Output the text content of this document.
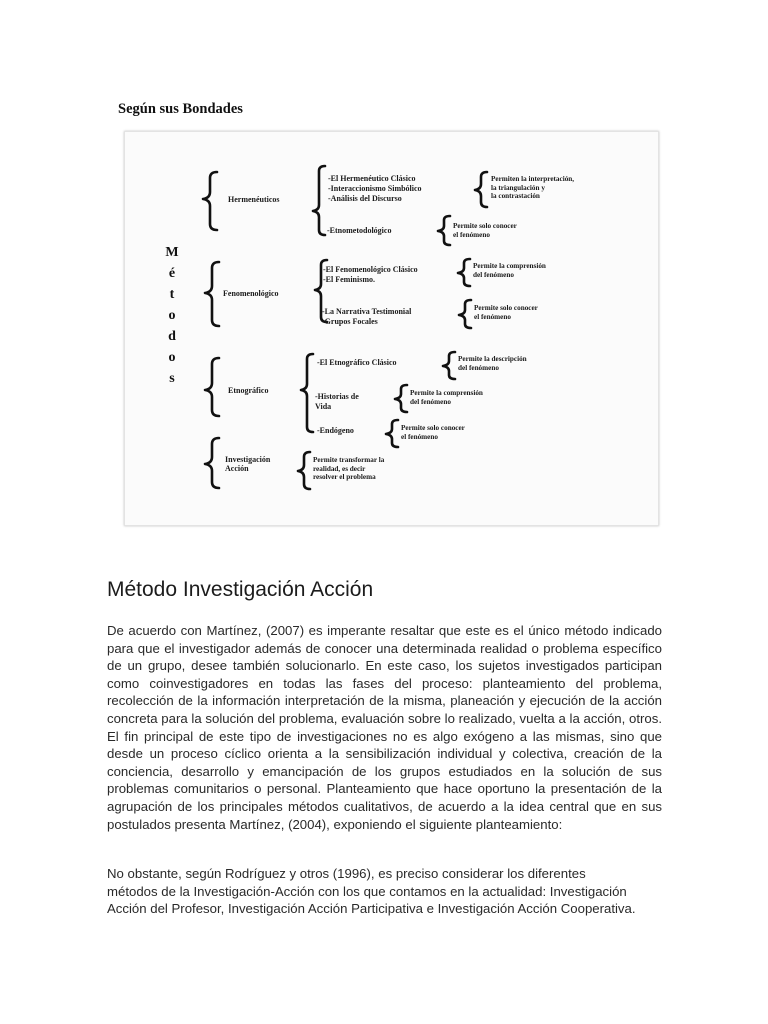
Según sus Bondades
M
é
t
o
d
o
s
Hermenéuticos
Fenomenológico
Etnográfico
Investigación
Acción
-El Hermenéutico Clásico
-Interaccionismo Simbólico
-Análisis del Discurso
-Etnometodológico
-El Fenomenológico Clásico
-El Feminismo.
-La Narrativa Testimonial
-Grupos Focales
-El Etnográfico Clásico
-Historias de
Vida
-Endógeno
Permiten la interpretación,
la triangulación y
la contrastación
Permite solo conocer
el fenómeno
Permite la comprensión
del fenómeno
Permite solo conocer
el fenómeno
Permite la descripción
del fenómeno
Permite la comprensión
del fenómeno
Permite solo conocer
el fenómeno
Permite transformar la
realidad, es decir
resolver el problema
Método Investigación Acción

De acuerdo con Martínez, (2007) es imperante resaltar que este es el único método indicado para que el investigador además de conocer una determinada realidad o problema específico de un grupo, desee también solucionarlo. En este caso, los sujetos investigados participan como coinvestigadores en todas las fases del proceso: planteamiento del problema, recolección de la información interpretación de la misma, planeación y ejecución de la acción concreta para la solución del problema, evaluación sobre lo realizado, vuelta a la acción, otros. El fin principal de este tipo de investigaciones no es algo exógeno a las mismas, sino que desde un proceso cíclico orienta a la sensibilización individual y colectiva, creación de la conciencia, desarrollo y emancipación de los grupos estudiados en la solución de sus problemas comunitarios o personal. Planteamiento que hace oportuno la presentación de la agrupación de los principales métodos cualitativos, de acuerdo a la idea central que en sus postulados presenta Martínez, (2004), exponiendo el siguiente planteamiento:

No obstante, según Rodríguez y otros (1996), es preciso considerar los diferentes
métodos de la Investigación-Acción con los que contamos en la actualidad: Investigación
Acción del Profesor, Investigación Acción Participativa e Investigación Acción Cooperativa.
